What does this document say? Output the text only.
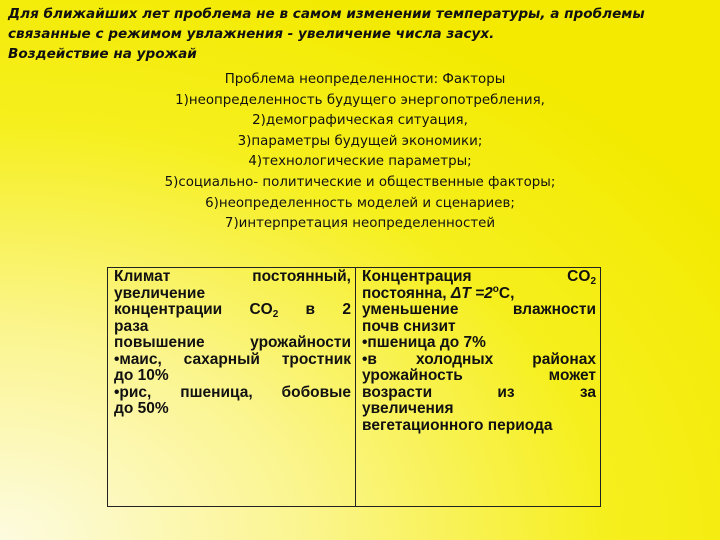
Для ближайших лет проблема не в самом изменении температуры, а проблемы

связанные с режимом увлажнения - увеличение числа засух.

Воздействие на урожай

Проблема неопределенности: Факторы
1)неопределенность будущего энергопотребления,
2)демографическая ситуация,
3)параметры будущей экономики;
4)технологические параметры;
5)социально- политические и общественные факторы;
6)неопределенность моделей и сценариев;
7)интерпретация неопределенностей
Климат постоянный,
увеличение
концентрации $CO_2$ в 2
раза
повышение урожайности
•маис, сахарный тростник
до 10%
•рис, пшеница, бобовые
до 50%

Концентрация $CO_2$
постоянна, $\Delta T =2^oC$,
уменьшение влажности
почв снизит
•пшеница до 7%
•в холодных районах
урожайность может
возрасти из за
увеличения
вегетационного периода
